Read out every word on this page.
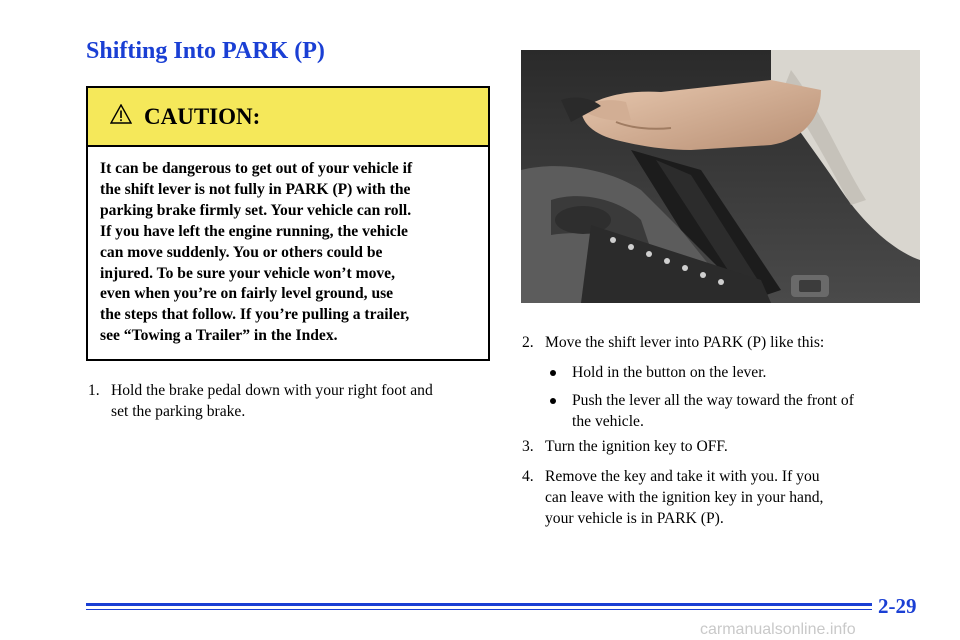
Shifting Into PARK (P)
CAUTION:
It can be dangerous to get out of your vehicle if
the shift lever is not fully in PARK (P) with the
parking brake firmly set. Your vehicle can roll.
If you have left the engine running, the vehicle
can move suddenly. You or others could be
injured. To be sure your vehicle won’t move,
even when you’re on fairly level ground, use
the steps that follow. If you’re pulling a trailer,
see “Towing a Trailer” in the Index.
1. Hold the brake pedal down with your right foot and
set the parking brake.
2. Move the shift lever into PARK (P) like this:
Hold in the button on the lever.
Push the lever all the way toward the front of
the vehicle.
3. Turn the ignition key to OFF.
4. Remove the key and take it with you. If you
can leave with the ignition key in your hand,
your vehicle is in PARK (P).
2-29
carmanualsonline.info
